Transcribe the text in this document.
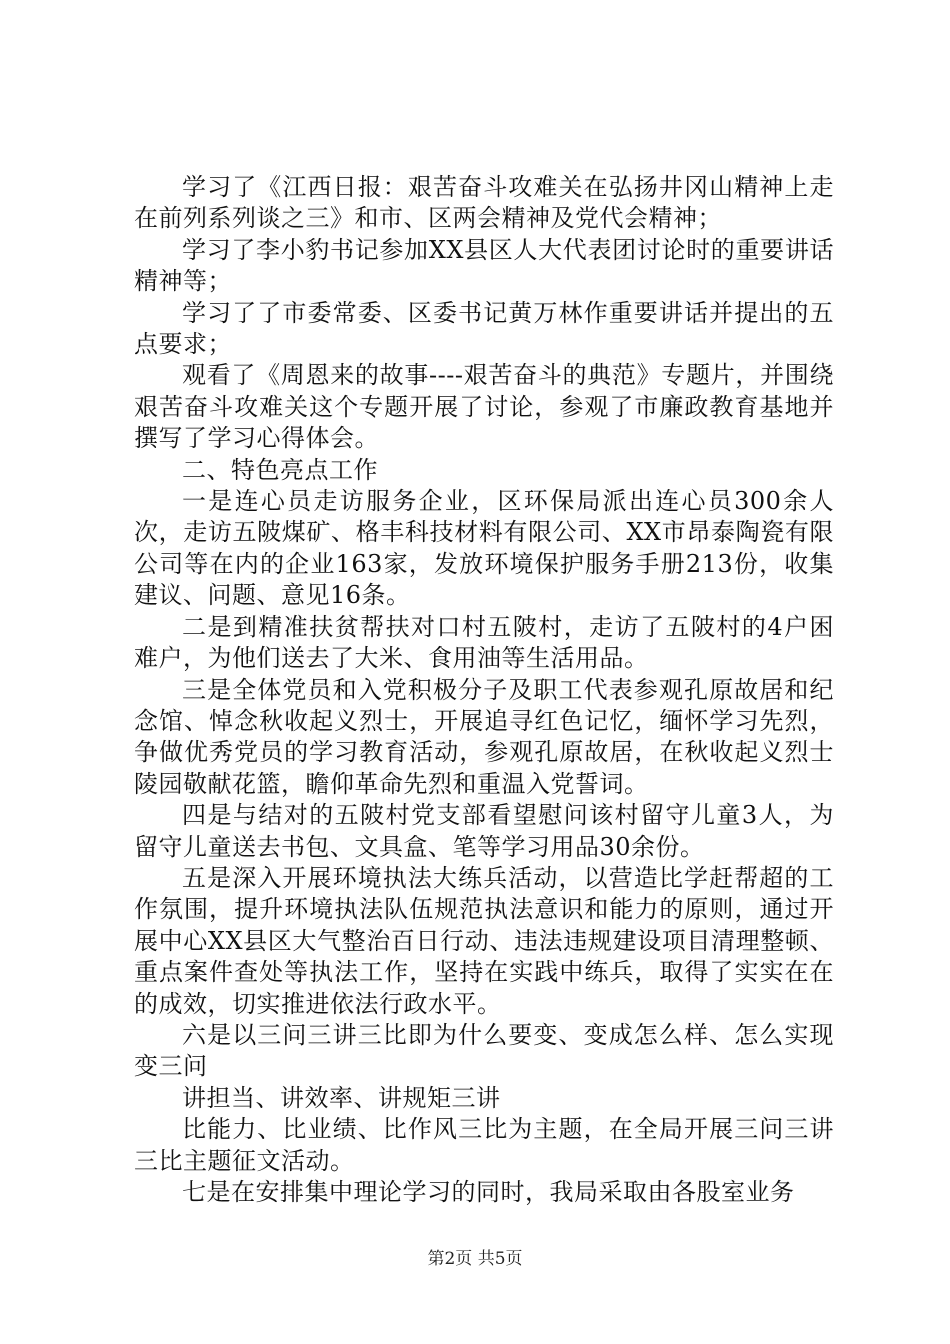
学习了《江西日报：艰苦奋斗攻难关在弘扬井冈山精神上走在前列系列谈之三》和市、区两会精神及党代会精神；

学习了李小豹书记参加XX县区人大代表团讨论时的重要讲话精神等；

学习了了市委常委、区委书记黄万林作重要讲话并提出的五点要求；

观看了《周恩来的故事----艰苦奋斗的典范》专题片，并围绕艰苦奋斗攻难关这个专题开展了讨论，参观了市廉政教育基地并撰写了学习心得体会。

二、特色亮点工作

一是连心员走访服务企业，区环保局派出连心员300余人次，走访五陂煤矿、格丰科技材料有限公司、XX市昂泰陶瓷有限公司等在内的企业163家，发放环境保护服务手册213份，收集建议、问题、意见16条。

二是到精准扶贫帮扶对口村五陂村，走访了五陂村的4户困难户，为他们送去了大米、食用油等生活用品。

三是全体党员和入党积极分子及职工代表参观孔原故居和纪念馆、悼念秋收起义烈士，开展追寻红色记忆，缅怀学习先烈，争做优秀党员的学习教育活动，参观孔原故居，在秋收起义烈士陵园敬献花篮，瞻仰革命先烈和重温入党誓词。

四是与结对的五陂村党支部看望慰问该村留守儿童3人，为留守儿童送去书包、文具盒、笔等学习用品30余份。

五是深入开展环境执法大练兵活动，以营造比学赶帮超的工作氛围，提升环境执法队伍规范执法意识和能力的原则，通过开展中心XX县区大气整治百日行动、违法违规建设项目清理整顿、重点案件查处等执法工作，坚持在实践中练兵，取得了实实在在的成效，切实推进依法行政水平。

六是以三问三讲三比即为什么要变、变成怎么样、怎么实现变三问

讲担当、讲效率、讲规矩三讲

比能力、比业绩、比作风三比为主题，在全局开展三问三讲三比主题征文活动。

七是在安排集中理论学习的同时，我局采取由各股室业务

第2页 共5页
